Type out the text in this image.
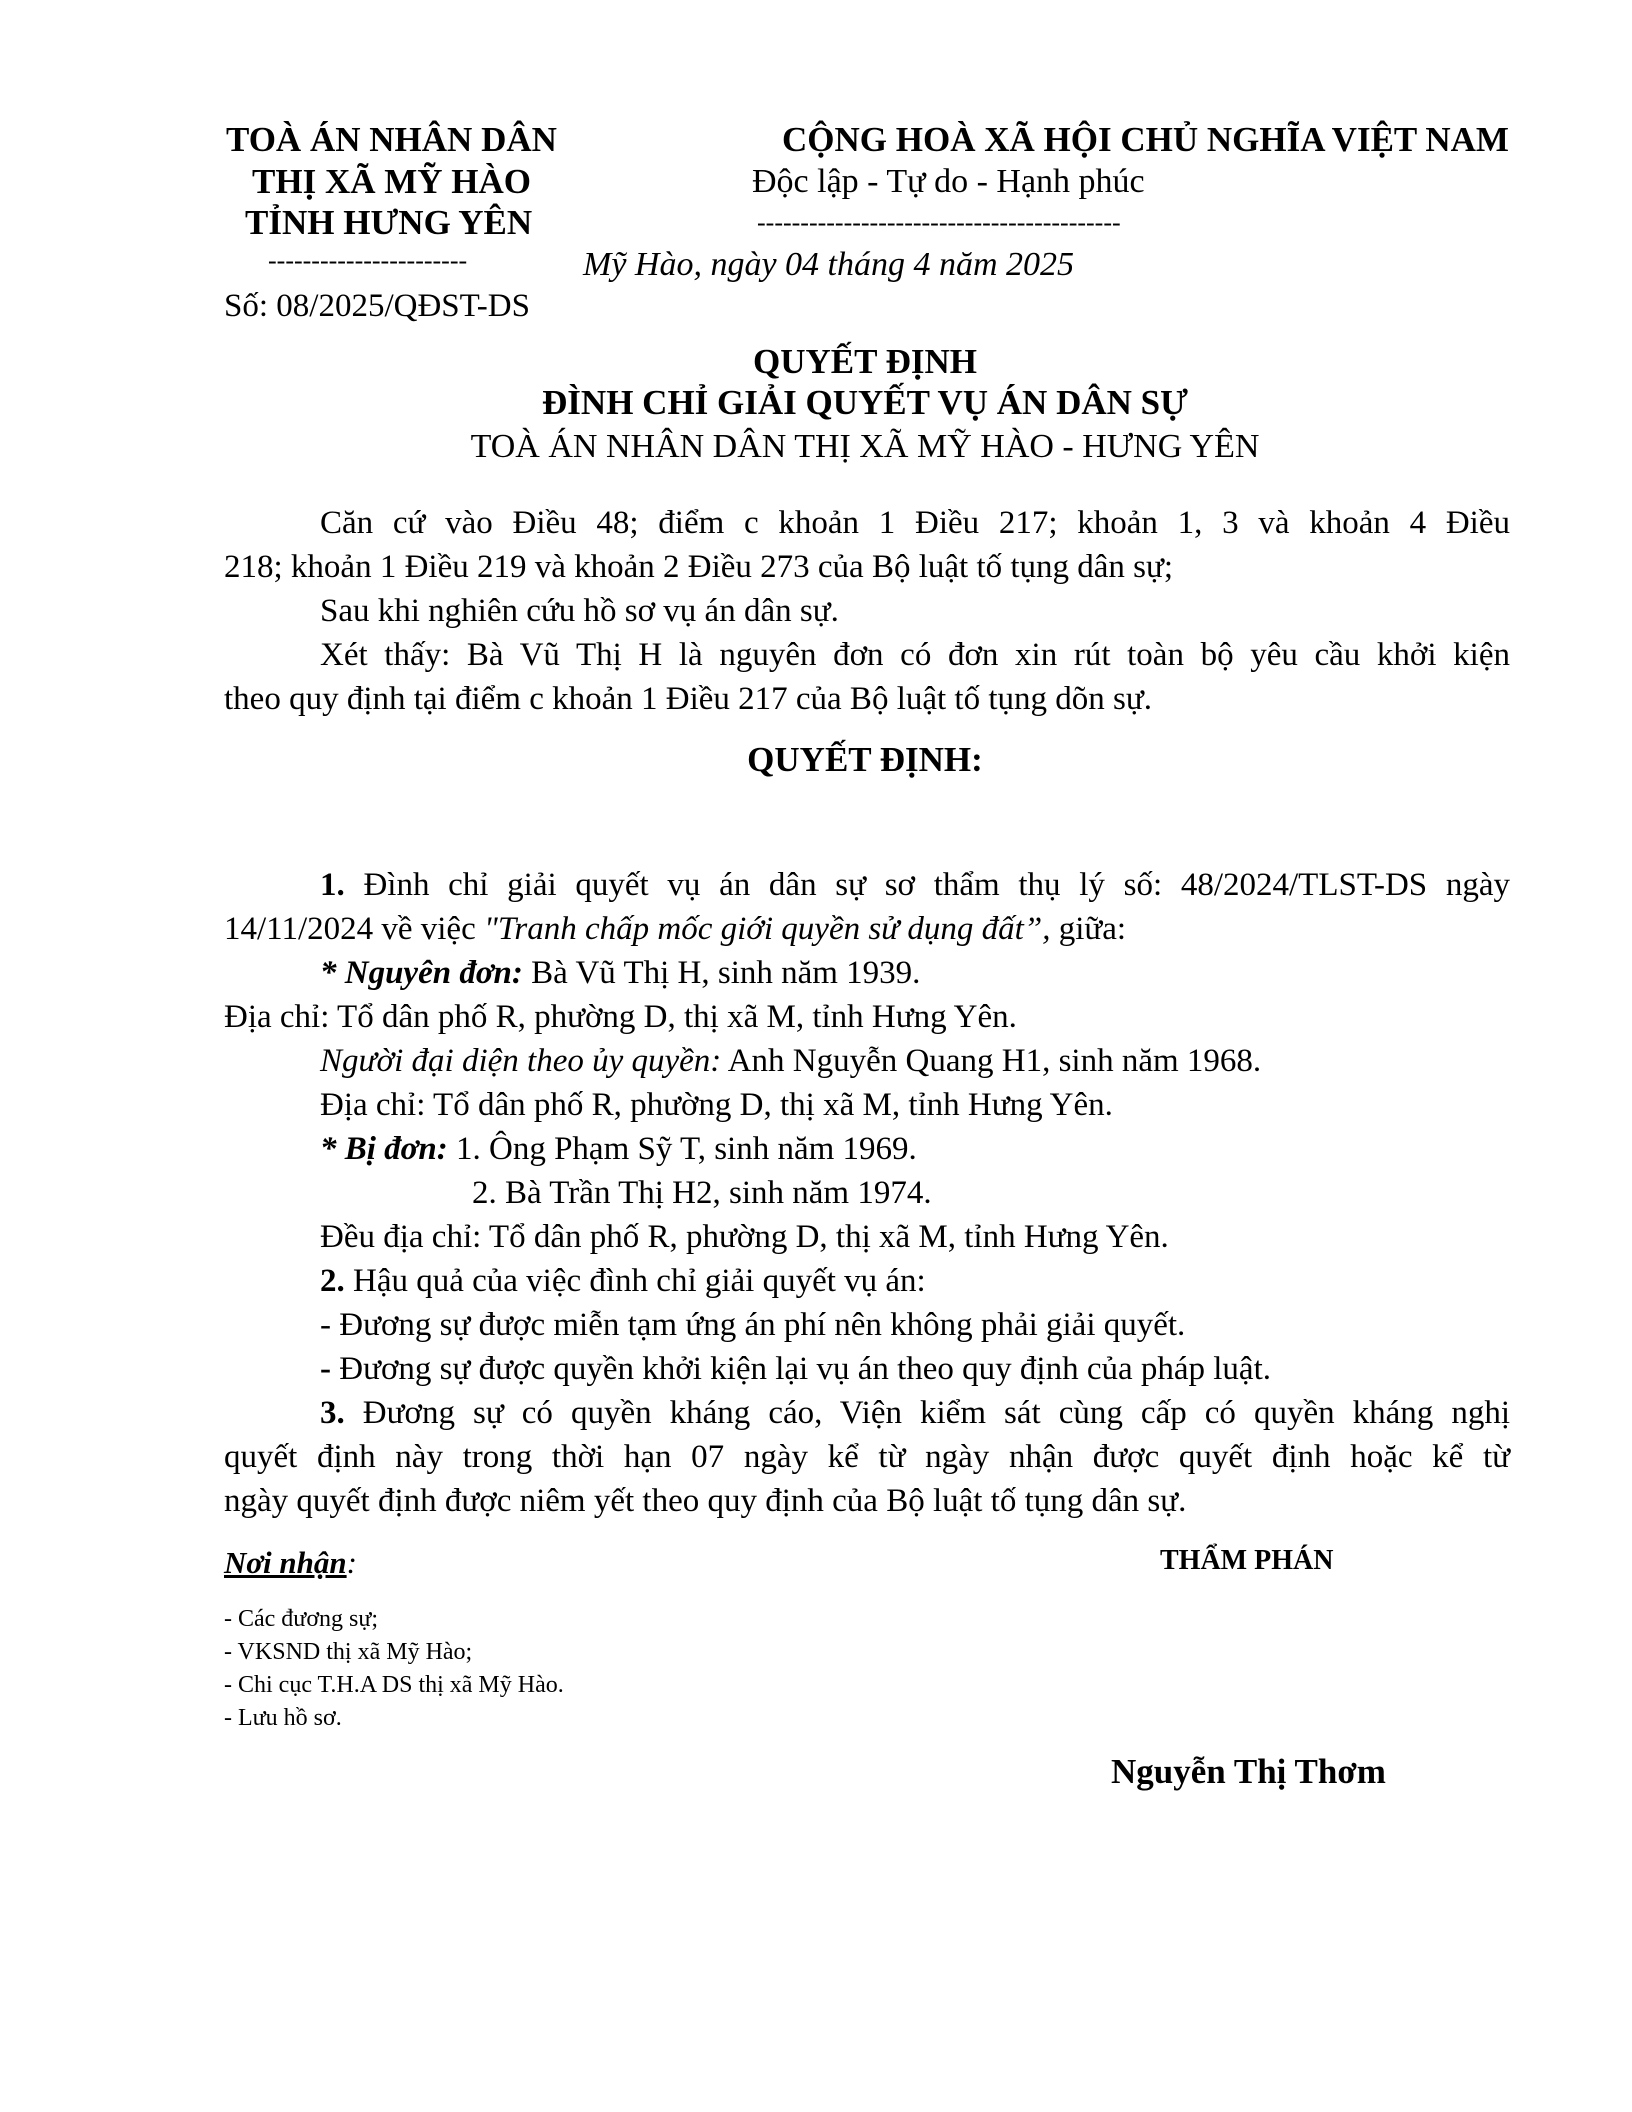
TOÀ ÁN NHÂN DÂN
THỊ XÃ MỸ HÀO
TỈNH HƯNG YÊN
-----------------------
CỘNG HOÀ XÃ HỘI CHỦ NGHĨA VIỆT NAM
Độc lập - Tự do - Hạnh phúc
------------------------------------------
Mỹ Hào, ngày 04 tháng 4 năm 2025
Số: 08/2025/QĐST-DS
QUYẾT ĐỊNH
ĐÌNH CHỈ GIẢI QUYẾT VỤ ÁN DÂN SỰ
TOÀ ÁN NHÂN DÂN THỊ XÃ MỸ HÀO - HƯNG YÊN
Căn cứ vào Điều 48; điểm c khoản 1 Điều 217; khoản 1, 3 và khoản 4 Điều
218; khoản 1 Điều 219 và khoản 2 Điều 273 của Bộ luật tố tụng dân sự;
Sau khi nghiên cứu hồ sơ vụ án dân sự.
Xét thấy: Bà Vũ Thị H là nguyên đơn có đơn xin rút toàn bộ yêu cầu khởi kiện
theo quy định tại điểm c khoản 1 Điều 217 của Bộ luật tố tụng dõn sự.
QUYẾT ĐỊNH:
1. Đình chỉ giải quyết vụ án dân sự sơ thẩm thụ lý số: 48/2024/TLST-DS ngày
14/11/2024 về việc "Tranh chấp mốc giới quyền sử dụng đất”, giữa:
* Nguyên đơn: Bà Vũ Thị H, sinh năm 1939.
Địa chỉ: Tổ dân phố R, phường D, thị xã M, tỉnh Hưng Yên.
Người đại diện theo ủy quyền: Anh Nguyễn Quang H1, sinh năm 1968.
Địa chỉ: Tổ dân phố R, phường D, thị xã M, tỉnh Hưng Yên.
* Bị đơn: 1. Ông Phạm Sỹ T, sinh năm 1969.
2. Bà Trần Thị H2, sinh năm 1974.
Đều địa chỉ: Tổ dân phố R, phường D, thị xã M, tỉnh Hưng Yên.
2. Hậu quả của việc đình chỉ giải quyết vụ án:
- Đương sự được miễn tạm ứng án phí nên không phải giải quyết.
- Đương sự được quyền khởi kiện lại vụ án theo quy định của pháp luật.
3. Đương sự có quyền kháng cáo, Viện kiểm sát cùng cấp có quyền kháng nghị
quyết định này trong thời hạn 07 ngày kể từ ngày nhận được quyết định hoặc kể từ
ngày quyết định được niêm yết theo quy định của Bộ luật tố tụng dân sự.
Nơi nhận:	THẨM PHÁN
- Các đương sự;
- VKSND thị xã Mỹ Hào;
- Chi cục T.H.A DS thị xã Mỹ Hào.
- Lưu hồ sơ.
Nguyễn Thị Thơm
